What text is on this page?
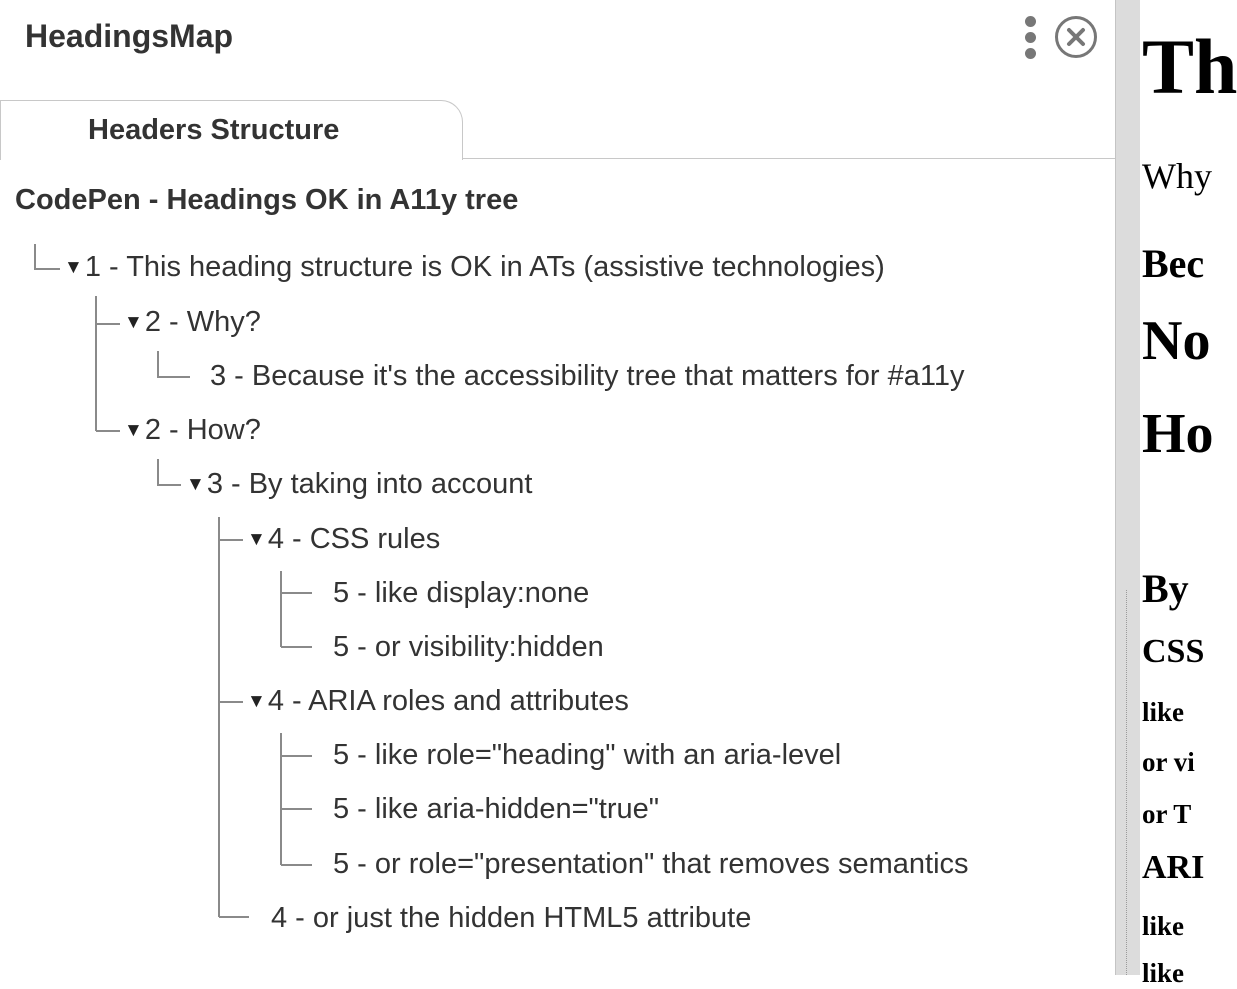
HeadingsMap
Headers Structure
CodePen - Headings OK in A11y tree
▼1 - This heading structure is OK in ATs (assistive technologies)
▼2 - Why?
3 - Because it's the accessibility tree that matters for #a11y
▼2 - How?
▼3 - By taking into account
▼4 - CSS rules
5 - like display:none
5 - or visibility:hidden
▼4 - ARIA roles and attributes
5 - like role="heading" with an aria-level
5 - like aria-hidden="true"
5 - or role="presentation" that removes semantics
4 - or just the hidden HTML5 attribute
Th
Why
Bec
No
Ho
By
CSS
like
or vi
or T
ARI
like
like
